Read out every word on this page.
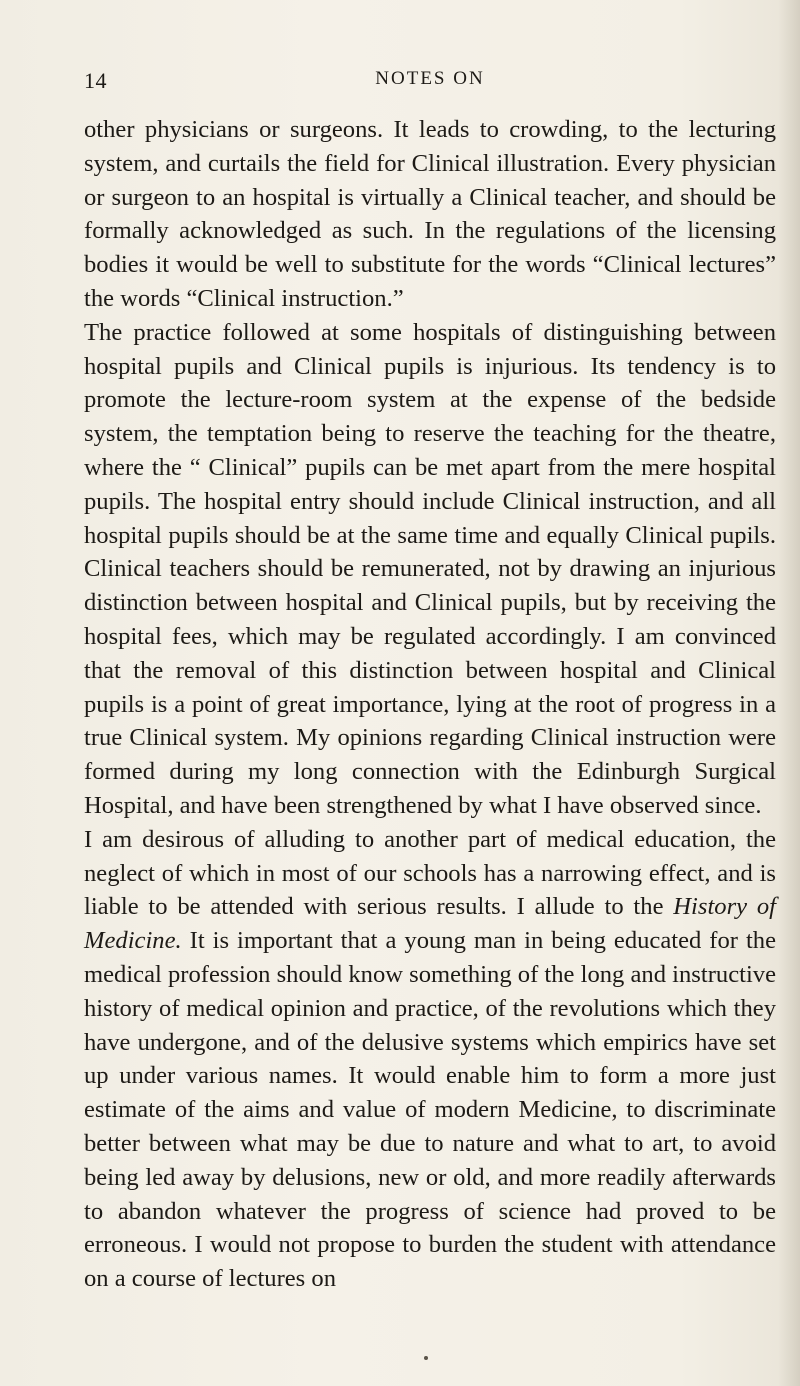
14	NOTES ON

other physicians or surgeons. It leads to crowding, to the lecturing system, and curtails the field for Clinical illustration. Every physician or surgeon to an hospital is virtually a Clinical teacher, and should be formally acknowledged as such. In the regulations of the licensing bodies it would be well to substitute for the words “Clinical lectures” the words “Clinical instruction.”

The practice followed at some hospitals of distinguishing between hospital pupils and Clinical pupils is injurious. Its tendency is to promote the lecture-room system at the expense of the bedside system, the temptation being to reserve the teaching for the theatre, where the “ Clinical” pupils can be met apart from the mere hospital pupils. The hospital entry should include Clinical instruction, and all hospital pupils should be at the same time and equally Clinical pupils. Clinical teachers should be remunerated, not by drawing an injurious distinction between hospital and Clinical pupils, but by receiving the hospital fees, which may be regulated accordingly. I am convinced that the removal of this distinction between hospital and Clinical pupils is a point of great importance, lying at the root of progress in a true Clinical system. My opinions regarding Clinical instruction were formed during my long connection with the Edinburgh Surgical Hospital, and have been strengthened by what I have observed since.

I am desirous of alluding to another part of medical education, the neglect of which in most of our schools has a narrowing effect, and is liable to be attended with serious results. I allude to the History of Medicine. It is important that a young man in being educated for the medical profession should know something of the long and instructive history of medical opinion and practice, of the revolutions which they have undergone, and of the delusive systems which empirics have set up under various names. It would enable him to form a more just estimate of the aims and value of modern Medicine, to discriminate better between what may be due to nature and what to art, to avoid being led away by delusions, new or old, and more readily afterwards to abandon whatever the progress of science had proved to be erroneous. I would not propose to burden the student with attendance on a course of lectures on
